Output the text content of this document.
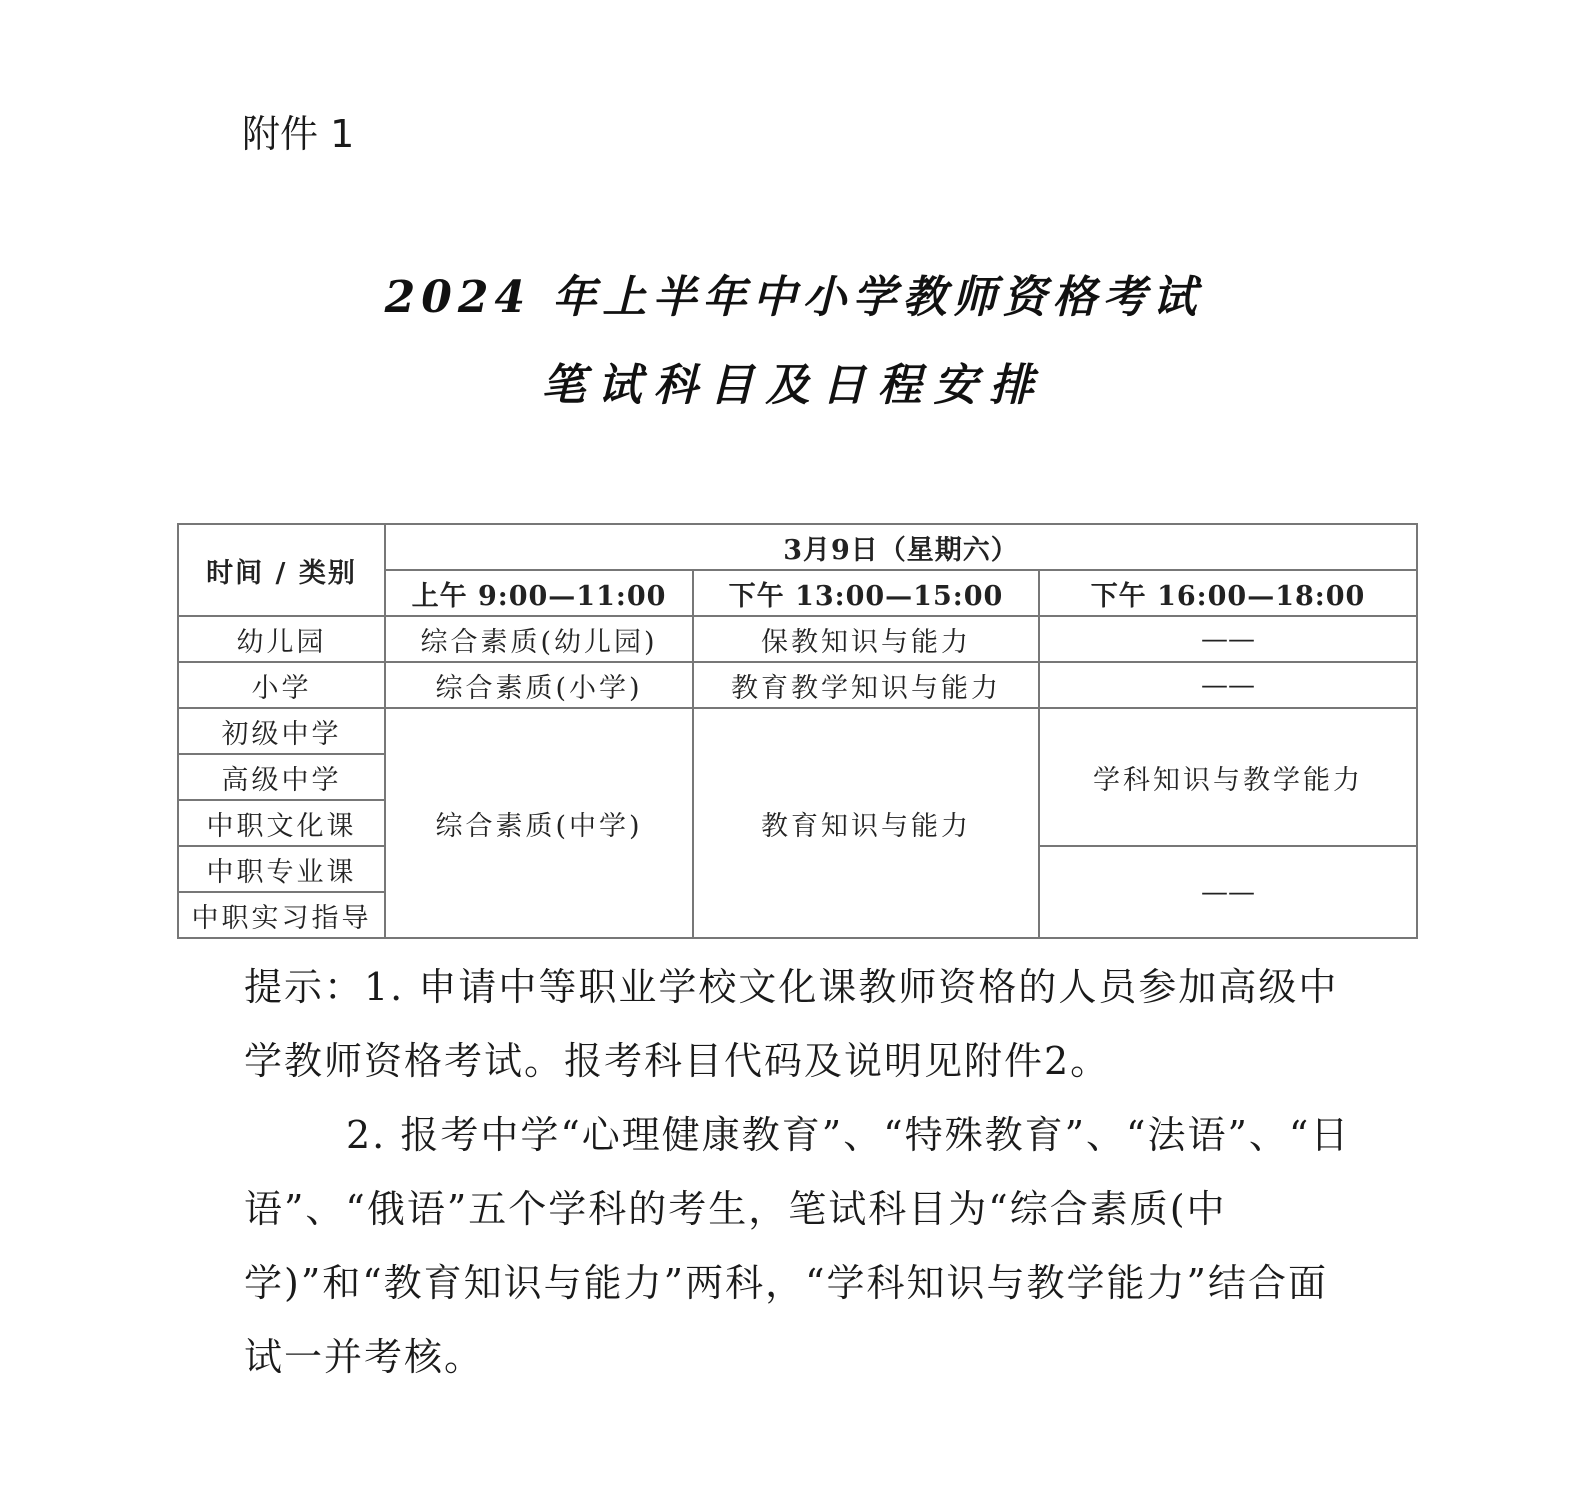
附件 1
2024 年上半年中小学教师资格考试
笔试科目及日程安排
时间 / 类别	3月9日（星期六）		
	上午 9:00—11:00	下午 13:00—15:00	下午 16:00—18:00
幼儿园	综合素质(幼儿园)	保教知识与能力	——
小学	综合素质(小学)	教育教学知识与能力	——
初级中学	综合素质(中学)	教育知识与能力	学科知识与教学能力
高级中学			
中职文化课			
中职专业课			——
中职实习指导			

提示：1. 申请中等职业学校文化课教师资格的人员参加高级中学教师资格考试。报考科目代码及说明见附件2。

2. 报考中学“心理健康教育”、“特殊教育”、“法语”、“日语”、“俄语”五个学科的考生，笔试科目为“综合素质(中学)”和“教育知识与能力”两科，“学科知识与教学能力”结合面试一并考核。
